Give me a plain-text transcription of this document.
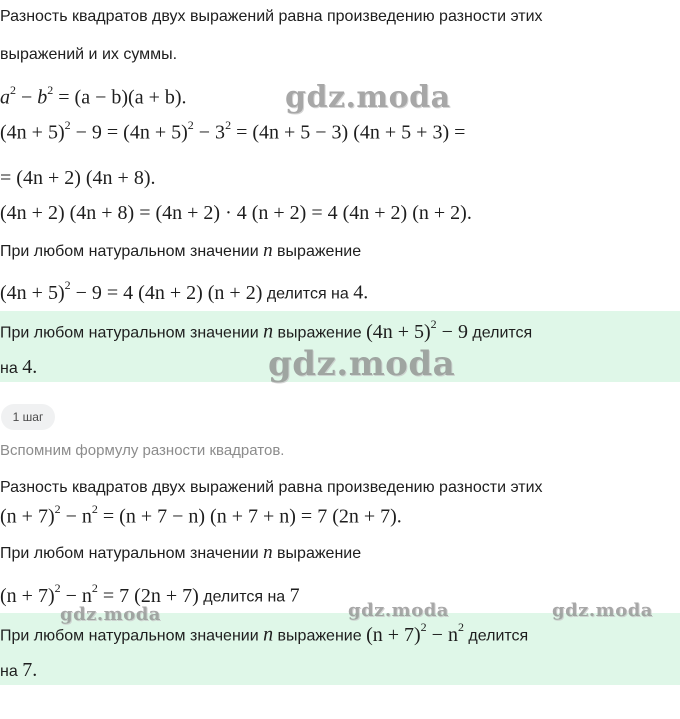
Разность квадратов двух выражений равна произведению разности этих
выражений и их суммы.
$a^2 - b^2 = (a - b)(a + b)$.
$(4n + 5)^2 - 9 = (4n + 5)^2 - 3^2 = (4n + 5 - 3)$ (4n + 5 + 3) =
= (4n + 2) (4n + 8).
(4n + 2) (4n + 8) = (4n + 2) · 4 (n + 2) = 4 (4n + 2) (n + 2).
При любом натуральном значении n выражение
$(4n + 5)^2 - 9 = 4$ (4n + 2) (n + 2) делится на 4.
При любом натуральном значении n выражение $(4n + 5)^2 - 9$ делится
на 4.
1 шаг
Вспомним формулу разности квадратов.
Разность квадратов двух выражений равна произведению разности этих
$(n + 7)^2 - n^2 = (n + 7 - n)$ (n + 7 + n) = 7 (2n + 7).
При любом натуральном значении n выражение
$(n + 7)^2 - n^2 = 7$ (2n + 7) делится на 7
При любом натуральном значении n выражение $(n + 7)^2 - n^2$ делится
на 7.
gdz.moda
gdz.moda
gdz.moda	gdz.moda	gdz.moda
